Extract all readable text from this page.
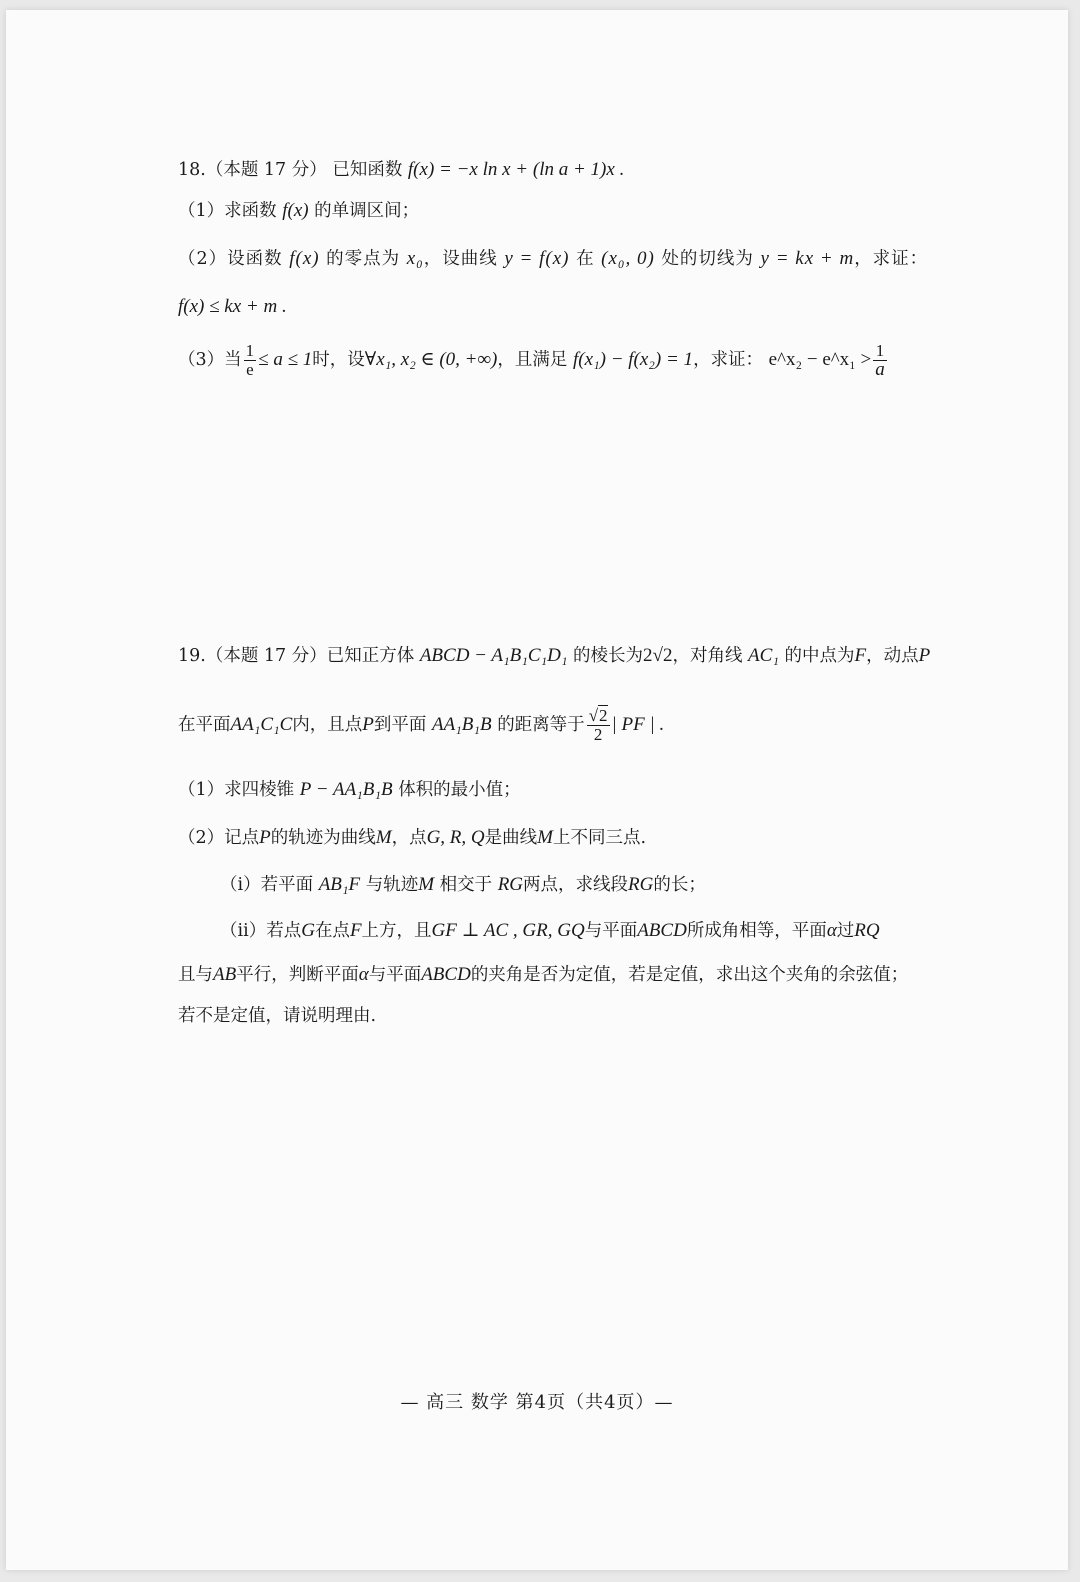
18.（本题 17 分） 已知函数 f(x) = −x ln x + (ln a + 1)x .
（1）求函数 f(x) 的单调区间；
（2）设函数 f(x) 的零点为 x₀，设曲线 y = f(x) 在 (x₀, 0) 处的切线为 y = kx + m，求证：
f(x) ≤ kx + m .
（3）当 $\frac{1}{e} \le a \le 1$时，设∀x₁, x₂ ∈ (0, +∞)，且满足 f(x₁) − f(x₂) = 1，求证： e^x₂ − e^x₁ > $\frac{1}{a}$
19.（本题 17 分）已知正方体 ABCD − A₁B₁C₁D₁ 的棱长为2√2，对角线 AC₁ 的中点为F，动点P
在平面AA₁C₁C内，且点P到平面 AA₁B₁B 的距离等于 $\frac{√2}{2}$ | PF | .
（1）求四棱锥 P − AA₁B₁B 体积的最小值；
（2）记点P的轨迹为曲线M，点G, R, Q是曲线M上不同三点.
（ⅰ）若平面 AB₁F 与轨迹M 相交于 RG两点，求线段RG的长；
（ⅱ）若点G在点F上方，且GF ⊥ AC , GR, GQ与平面ABCD所成角相等，平面α过RQ
且与AB平行，判断平面α与平面ABCD的夹角是否为定值，若是定值，求出这个夹角的余弦值；
若不是定值，请说明理由.
— 高三 数学 第4页（共4页）—
